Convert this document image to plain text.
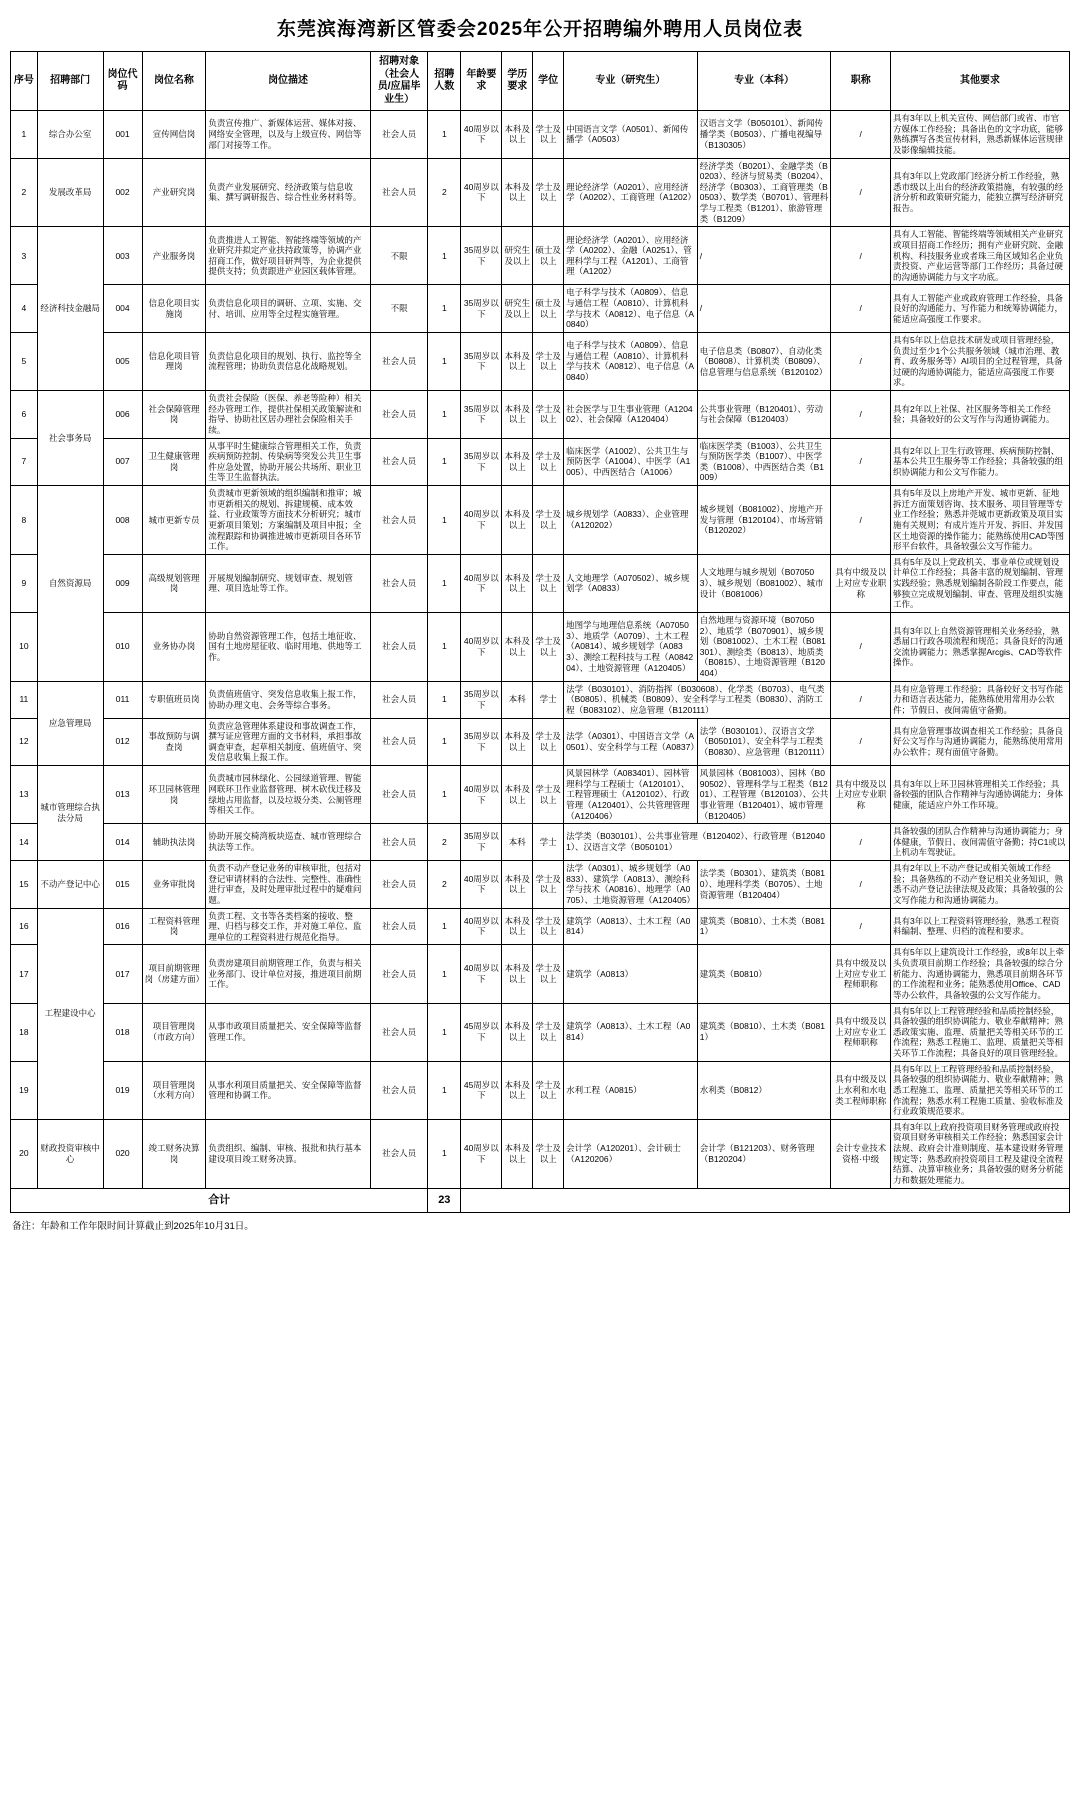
东莞滨海湾新区管委会2025年公开招聘编外聘用人员岗位表
序号	招聘部门	岗位代码	岗位名称	岗位描述	招聘对象（社会人员/应届毕业生）	招聘人数	年龄要求	学历要求	学位	专业（研究生）	专业（本科）	职称	其他要求
1	综合办公室	001	宣传网信岗	负责宣传推广、新媒体运营、媒体对接、网络安全管理，以及与上级宣传、网信等部门对接等工作。	社会人员	1	40周岁以下	本科及以上	学士及以上	中国语言文学（A0501）、新闻传播学（A0503）	汉语言文学（B050101）、新闻传播学类（B0503）、广播电视编导（B130305）	/	具有3年以上机关宣传、网信部门或省、市官方媒体工作经验；具备出色的文字功底，能够熟练撰写各类宣传材料，熟悉新媒体运营规律及影像编辑技能。
2	发展改革局	002	产业研究岗	负责产业发展研究、经济政策与信息收集、撰写调研报告、综合性业务材料等。	社会人员	2	40周岁以下	本科及以上	学士及以上	理论经济学（A0201）、应用经济学（A0202）、工商管理（A1202）	经济学类（B0201）、金融学类（B0203）、经济与贸易类（B0204）、经济学（B0303）、工商管理类（B0503）、数学类（B0701）、管理科学与工程类（B1201）、旅游管理类（B1209）	/	具有3年以上党政部门经济分析工作经验，熟悉市级以上出台的经济政策措施，有较强的经济分析和政策研究能力，能独立撰写经济研究报告。
3	经济科技金融局	003	产业服务岗	负责推进人工智能、智能终端等领域的产业研究并拟定产业扶持政策等，协调产业招商工作，做好项目研判等，为企业提供提供支持；负责跟进产业园区载体管理。	不限	1	35周岁以下	研究生及以上	硕士及以上	理论经济学（A0201）、应用经济学（A0202）、金融（A0251）、管理科学与工程（A1201）、工商管理（A1202）	/	/	具有人工智能、智能终端等领域相关产业研究或项目招商工作经历；拥有产业研究院、金融机构、科技服务业或者珠三角区域知名企业负责投资、产业运营等部门工作经历；具备过硬的沟通协调能力与文字功底。
4		004	信息化项目实施岗	负责信息化项目的调研、立项、实施、交付、培训、应用等全过程实施管理。	不限	1	35周岁以下	研究生及以上	硕士及以上	电子科学与技术（A0809）、信息与通信工程（A0810）、计算机科学与技术（A0812）、电子信息（A0840）	/	/	具有人工智能产业或政府管理工作经验，具备良好的沟通能力、写作能力和统筹协调能力，能适应高强度工作要求。
5		005	信息化项目管理岗	负责信息化项目的规划、执行、监控等全流程管理；协助负责信息化战略规划。	社会人员	1	35周岁以下	本科及以上	学士及以上	电子科学与技术（A0809）、信息与通信工程（A0810）、计算机科学与技术（A0812）、电子信息（A0840）	电子信息类（B0807）、自动化类（B0808）、计算机类（B0809）、信息管理与信息系统（B120102）	/	具有5年以上信息技术研发或项目管理经验，负责过至少1个公共服务领域（城市治理、教育、政务服务等）AI项目的全过程管理，具备过硬的沟通协调能力，能适应高强度工作要求。
6	社会事务局	006	社会保障管理岗	负责社会保险（医保、养老等险种）相关经办管理工作，提供社保相关政策解读和指导、协助社区居办理社会保险相关手续。	社会人员	1	35周岁以下	本科及以上	学士及以上	社会医学与卫生事业管理（A120402）、社会保障（A120404）	公共事业管理（B120401）、劳动与社会保障（B120403）	/	具有2年以上社保、社区服务等相关工作经验；具备较好的公文写作与沟通协调能力。
7		007	卫生健康管理岗	从事平时生健康综合管理相关工作，负责疾病预防控制、传染病等突发公共卫生事件应急处置，协助开展公共场所、职业卫生等卫生监督执法。	社会人员	1	35周岁以下	本科及以上	学士及以上	临床医学（A1002）、公共卫生与预防医学（A1004）、中医学（A1005）、中西医结合（A1006）	临床医学类（B1003）、公共卫生与预防医学类（B1007）、中医学类（B1008）、中西医结合类（B1009）	/	具有2年以上卫生行政管理、疾病预防控制、基本公共卫生服务等工作经验；具备较强的组织协调能力和公文写作能力。
8	自然资源局	008	城市更新专员	负责城市更新领域的组织编制和推审；城市更新相关的规划、拆建规模、成本效益、行业政策等方面技术分析研究；城市更新项目策划；方案编制及项目申报；全流程跟踪和协调推进城市更新项目各环节工作。	社会人员	1	40周岁以下	本科及以上	学士及以上	城乡规划学（A0833）、企业管理（A120202）	城乡规划（B081002）、房地产开发与管理（B120104）、市场营销（B120202）	/	具有5年及以上房地产开发、城市更新、征地拆迁方面策划咨询、技术服务、项目管理等专业工作经验；熟悉并莞城市更新政策及项目实施有关规则；有成片连片开发、拆旧、并发国区土地资源的操作能力；能熟练使用CAD等图形平台软件，具备较强公文写作能力。
9		009	高级规划管理岗	开展规划编制研究、规划审查、规划管理、项目选址等工作。	社会人员	1	40周岁以下	本科及以上	学士及以上	人文地理学（A070502）、城乡规划学（A0833）	人文地理与城乡规划（B070503）、城乡规划（B081002）、城市设计（B081006）	具有中级及以上对应专业职称	具有5年及以上党政机关、事业单位或规划设计单位工作经验；具备丰富的规划编制、管理实践经验；熟悉规划编制各阶段工作要点，能够独立完成规划编制、审查、管理及组织实施工作。
10		010	业务协办岗	协助自然资源管理工作，包括土地征收、国有土地房屋征收、临时用地、供地等工作。	社会人员	1	40周岁以下	本科及以上	学士及以上	地图学与地理信息系统（A070503）、地质学（A0709）、土木工程（A0814）、城乡规划学（A0833）、测绘工程科技与工程（A084204）、土地资源管理（A120405）	自然地理与资源环境（B070502）、地质学（B070901）、城乡规划（B081002）、土木工程（B081301）、测绘类（B0813）、地质类（B0815）、土地资源管理（B120404）	/	具有3年以上自然资源管理相关业务经验，熟悉届口行政各项流程和规范；具备良好的沟通交流协调能力；熟悉掌握Arcgis、CAD等软件操作。
11	应急管理局	011	专职值班员岗	负责值班值守、突发信息收集上报工作，协助办理文电、会务等综合事务。	社会人员	1	35周岁以下	本科	学士	法学（B030101）、消防指挥（B030608）、化学类（B0703）、电气类（B0805）、机械类（B0809）、安全科学与工程类（B0830）、消防工程（B083102）、应急管理（B120111）		/	具有应急管理工作经验；具备较好文书写作能力和语言表达能力，能熟练使用常用办公软件；节假日、夜间需值守备勤。
12		012	事故预防与调查岗	负责应急管理体系建设和事故调查工作，撰写证应管理方面的文书材料，承担事故调查审查，起草相关制度、值班值守、突发信息收集上报工作。	社会人员	1	35周岁以下	本科及以上	学士及以上	法学（A0301）、中国语言文学（A0501）、安全科学与工程（A0837）	法学（B030101）、汉语言文学（B050101）、安全科学与工程类（B0830）、应急管理（B120111）	/	具有应急管理事故调查相关工作经验；具备良好公文写作与沟通协调能力，能熟练使用常用办公软件；现有面值守备勤。
13	城市管理综合执法分局	013	环卫园林管理岗	负责城市园林绿化、公园绿道管理、智能网联环卫作业监督管理、树木砍伐迁移及绿地占用监督，以及垃圾分类、公厕管理等相关工作。	社会人员	1	40周岁以下	本科及以上	学士及以上	风景园林学（A083401）、园林管理科学与工程硕士（A120101）、工程管理硕士（A120102）、行政管理（A120401）、公共管理管理（A120406）	风景园林（B081003）、园林（B090502）、管理科学与工程类（B1201）、工程管理（B120103）、公共事业管理（B120401）、城市管理（B120405）	具有中级及以上对应专业职称	具有3年以上环卫园林管理相关工作经验；具备较强的团队合作精神与沟通协调能力；身体健康，能适应户外工作环境。
14		014	辅助执法岗	协助开展交椅湾板块巡查、城市管理综合执法等工作。	社会人员	2	35周岁以下	本科	学士	法学类（B030101）、公共事业管理（B120402）、行政管理（B120401）、汉语言文学（B050101）		/	具备较强的团队合作精神与沟通协调能力；身体健康，节假日、夜间需值守备勤；持C1或以上机动车驾驶证。
15	不动产登记中心	015	业务审批岗	负责不动产登记业务的审核审批，包括对登记审请材料的合法性、完整性、准确性进行审查，及时处理审批过程中的疑难问题。	社会人员	2	40周岁以下	本科及以上	学士及以上	法学（A0301）、城乡规划学（A0833）、建筑学（A0813）、测绘科学与技术（A0816）、地理学（A0705）、土地资源管理（A120405）	法学类（B0301）、建筑类（B0810）、地理科学类（B0705）、土地资源管理（B120404）	/	具有2年以上不动产登记或相关领域工作经验；具备熟练的不动产登记相关业务知识，熟悉不动产登记法律法规及政策；具备较强的公文写作能力和沟通协调能力。
16	工程建设中心	016	工程资料管理岗	负责工程、文书等各类档案的接收、整理、归档与移交工作，并对施工单位、监理单位的工程资料进行规范化指导。	社会人员	1	40周岁以下	本科及以上	学士及以上	建筑学（A0813）、土木工程（A0814）	建筑类（B0810）、土木类（B0811）	/	具有3年以上工程资料管理经验，熟悉工程资料编制、整理、归档的流程和要求。
17		017	项目前期管理岗（房建方面）	负责房建项目前期管理工作，负责与相关业务部门、设计单位对接，推进项目前期工作。	社会人员	1	40周岁以下	本科及以上	学士及以上	建筑学（A0813）	建筑类（B0810）	具有中级及以上对应专业工程师职称	具有5年以上建筑设计工作经验，或8年以上牵头负责项目前期工作经验；具备较强的综合分析能力、沟通协调能力，熟悉项目前期各环节的工作流程和业务；能熟悉使用Office、CAD等办公软件，具备较强的公文写作能力。
18		018	项目管理岗（市政方向）	从事市政项目质量把关、安全保障等监督管理工作。	社会人员	1	45周岁以下	本科及以上	学士及以上	建筑学（A0813）、土木工程（A0814）	建筑类（B0810）、土木类（B0811）	具有中级及以上对应专业工程师职称	具有5年以上工程管理经验和品质控制经验，具备较强的组织协调能力、敬业奉献精神；熟悉政策实施、监理、质量把关等相关环节的工作流程；熟悉工程施工、监理、质量把关等相关环节工作流程；具备良好的项目管理经验。
19		019	项目管理岗（水利方向）	从事水利项目质量把关、安全保障等监督管理和协调工作。	社会人员	1	45周岁以下	本科及以上	学士及以上	水利工程（A0815）	水利类（B0812）	具有中级及以上水利和水电类工程师职称	具有5年以上工程管理经验和品质控制经验，具备较强的组织协调能力、敬业奉献精神；熟悉工程施工、监理、质量把关等相关环节的工作流程；熟悉水利工程施工质量、验收标准及行业政策规范要求。
20	财政投资审核中心	020	竣工财务决算岗	负责组织、编制、审核、报批和执行基本建设项目竣工财务决算。	社会人员	1	40周岁以下	本科及以上	学士及以上	会计学（A120201）、会计硕士（A120206）	会计学（B121203）、财务管理（B120204）	会计专业技术资格·中级	具有3年以上政府投资项目财务管理或政府投资项目财务审核相关工作经验；熟悉国家会计法规、政府会计准则制度、基本建设财务管理规定等；熟悉政府投资项目工程及建设全流程结算、决算审核业务；具备较强的财务分析能力和数据处理能力。
合计						23							
备注：年龄和工作年限时间计算截止到2025年10月31日。
